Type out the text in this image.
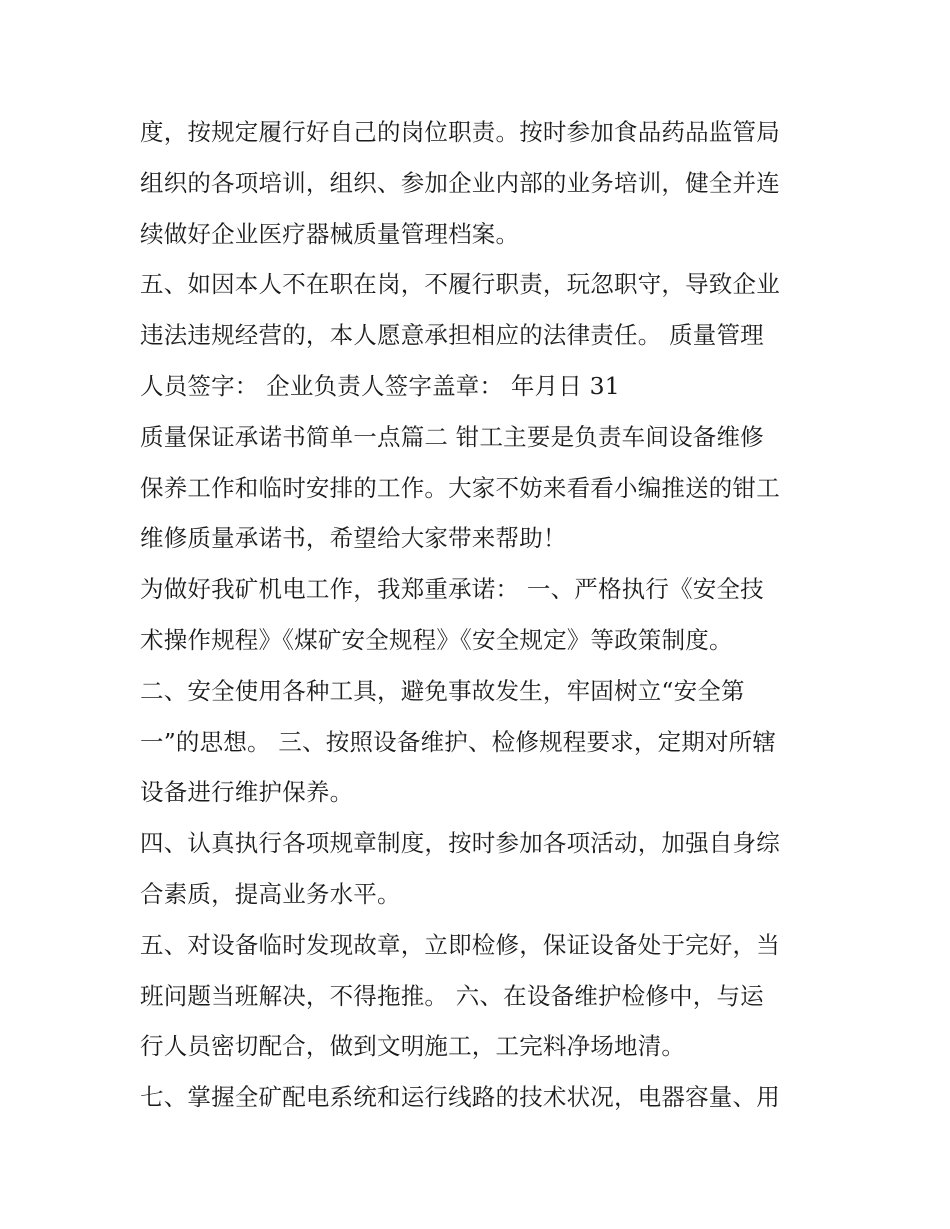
度，按规定履行好自己的岗位职责。按时参加食品药品监管局
组织的各项培训，组织、参加企业内部的业务培训，健全并连
续做好企业医疗器械质量管理档案。
五、如因本人不在职在岗，不履行职责，玩忽职守，导致企业
违法违规经营的，本人愿意承担相应的法律责任。 质量管理
人员签字： 企业负责人签字盖章： 年月日 31
质量保证承诺书简单一点篇二 钳工主要是负责车间设备维修
保养工作和临时安排的工作。大家不妨来看看小编推送的钳工
维修质量承诺书，希望给大家带来帮助！
为做好我矿机电工作，我郑重承诺： 一、严格执行《安全技
术操作规程》《煤矿安全规程》《安全规定》等政策制度。
二、安全使用各种工具，避免事故发生，牢固树立“安全第
一”的思想。 三、按照设备维护、检修规程要求，定期对所辖
设备进行维护保养。
四、认真执行各项规章制度，按时参加各项活动，加强自身综
合素质，提高业务水平。
五、对设备临时发现故章，立即检修，保证设备处于完好，当
班问题当班解决，不得拖推。 六、在设备维护检修中，与运
行人员密切配合，做到文明施工，工完料净场地清。
七、掌握全矿配电系统和运行线路的技术状况，电器容量、用
